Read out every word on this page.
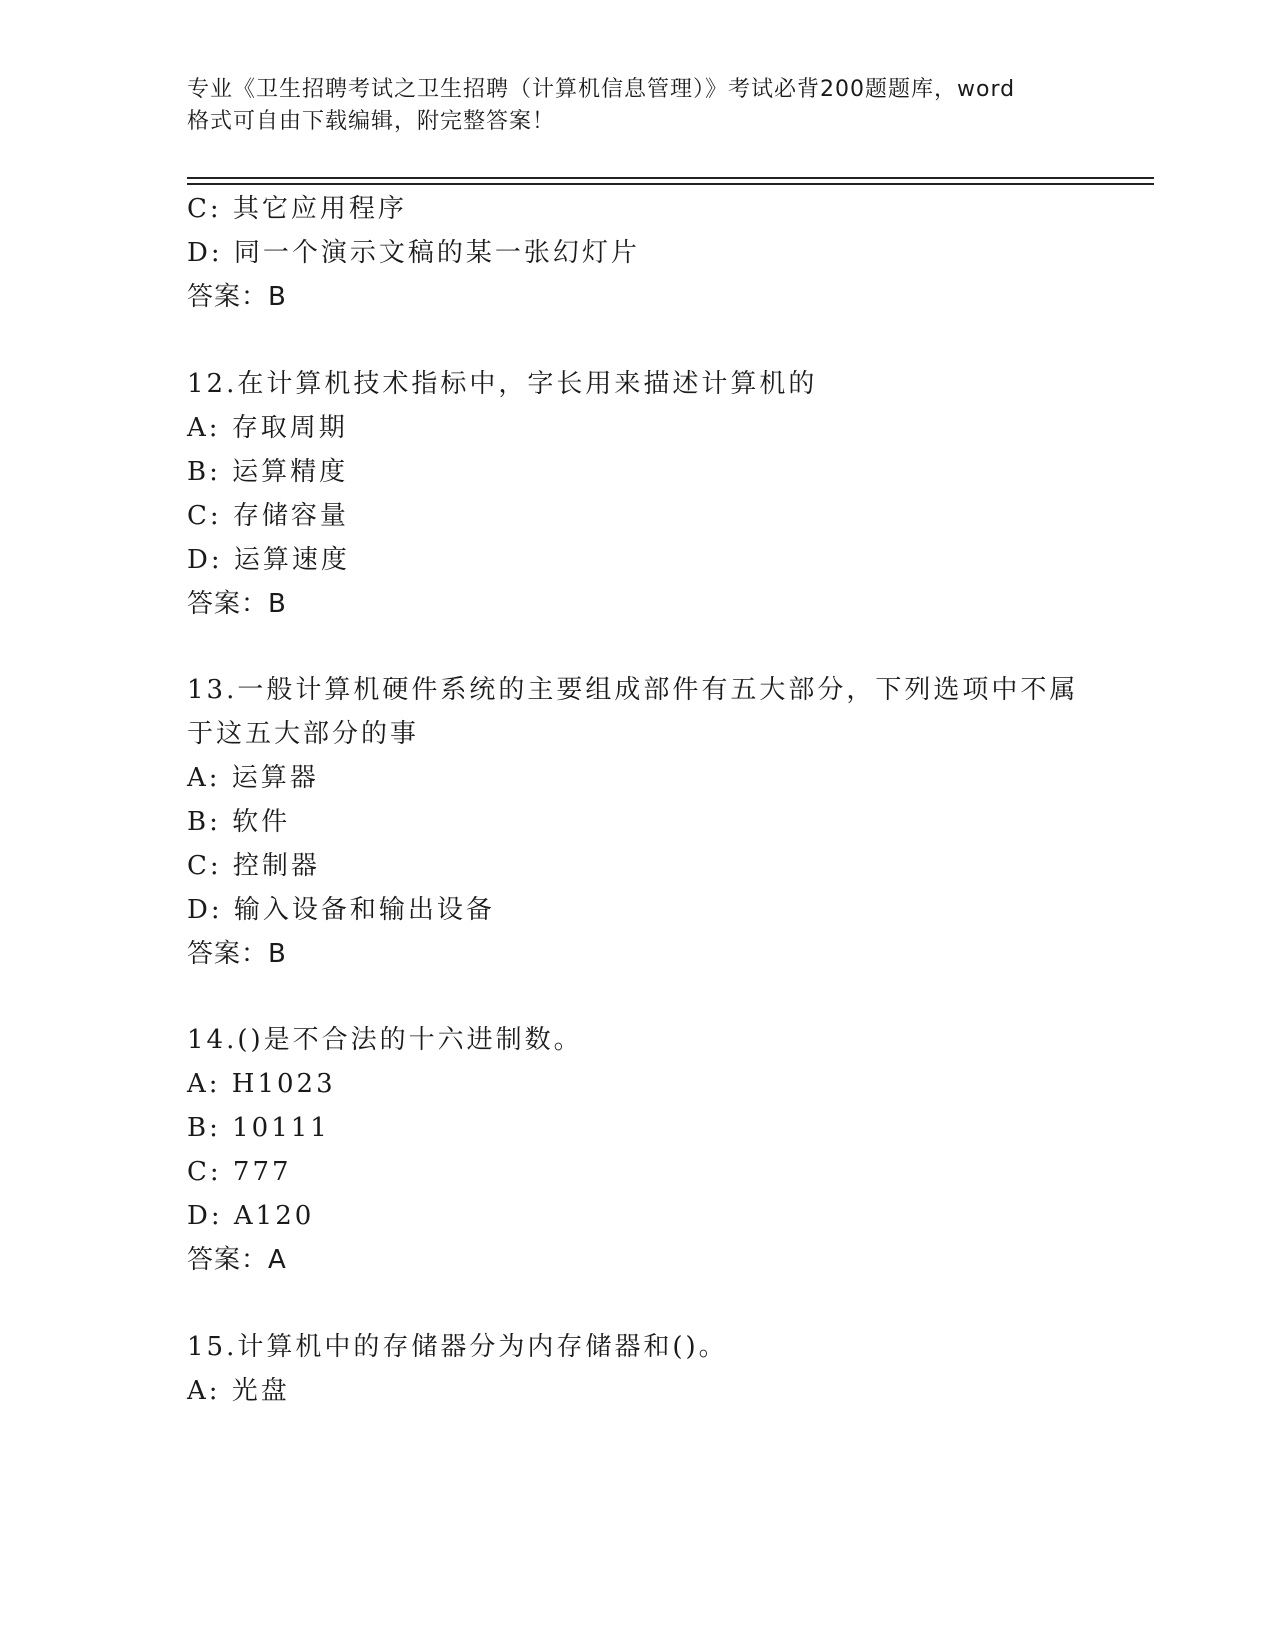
专业《卫生招聘考试之卫生招聘（计算机信息管理）》考试必背200题题库，word
格式可自由下载编辑，附完整答案！
C: 其它应用程序
D: 同一个演示文稿的某一张幻灯片
答案：B
12.在计算机技术指标中，字长用来描述计算机的
A: 存取周期
B: 运算精度
C: 存储容量
D: 运算速度
答案：B
13.一般计算机硬件系统的主要组成部件有五大部分，下列选项中不属
于这五大部分的事
A: 运算器
B: 软件
C: 控制器
D: 输入设备和输出设备
答案：B
14.()是不合法的十六进制数。
A: H1023
B: 10111
C: 777
D: A120
答案：A
15.计算机中的存储器分为内存储器和()。
A: 光盘
